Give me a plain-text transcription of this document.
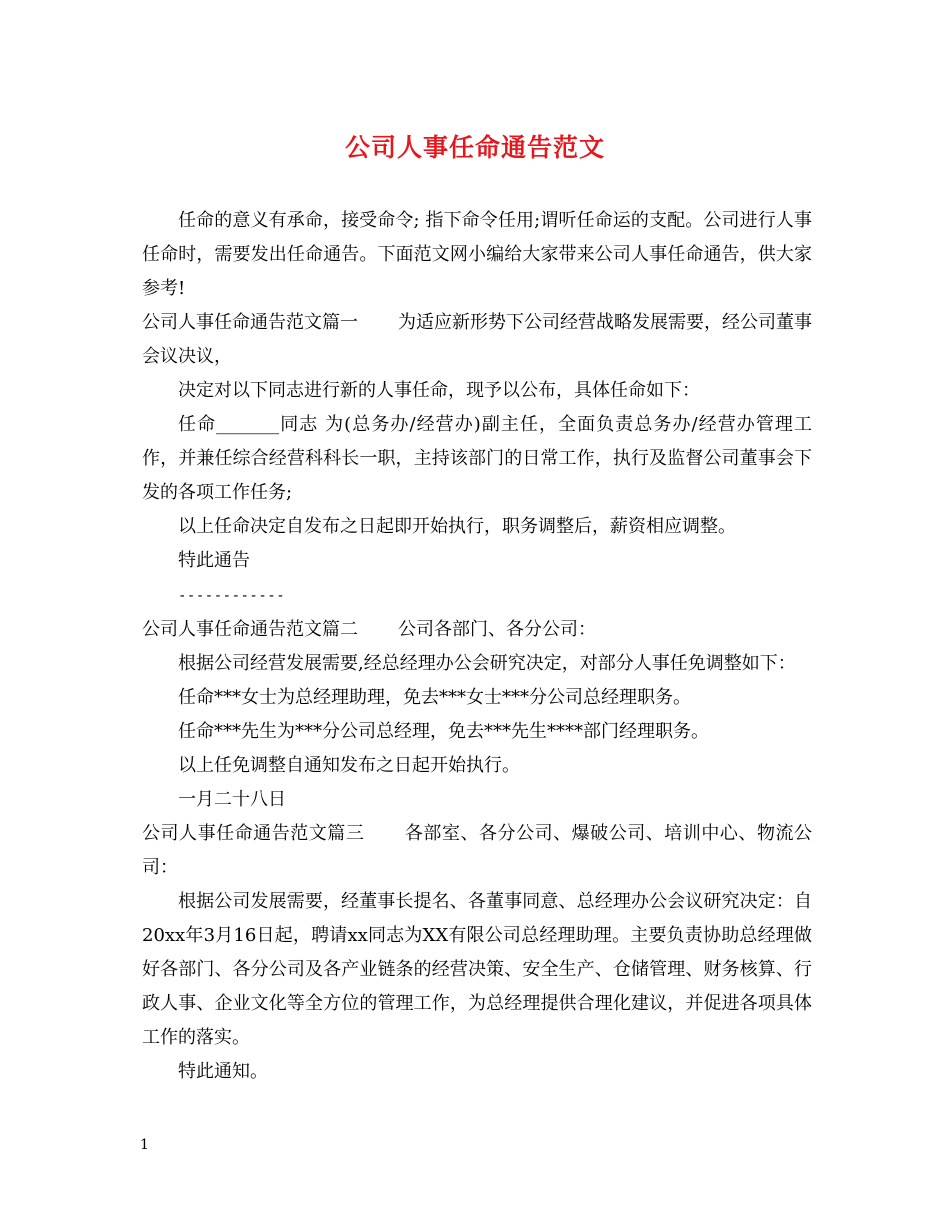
公司人事任命通告范文

任命的意义有承命，接受命令; 指下命令任用;谓听任命运的支配。公司进行人事任命时，需要发出任命通告。下面范文网小编给大家带来公司人事任命通告，供大家参考!

公司人事任命通告范文篇一 为适应新形势下公司经营战略发展需要，经公司董事会议决议，

决定对以下同志进行新的人事任命，现予以公布，具体任命如下：

任命_______同志 为(总务办/经营办)副主任，全面负责总务办/经营办管理工作，并兼任综合经营科科长一职，主持该部门的日常工作，执行及监督公司董事会下发的各项工作任务;

以上任命决定自发布之日起即开始执行，职务调整后，薪资相应调整。

特此通告

------------

公司人事任命通告范文篇二 公司各部门、各分公司：

根据公司经营发展需要,经总经理办公会研究决定，对部分人事任免调整如下：

任命***女士为总经理助理，免去***女士***分公司总经理职务。

任命***先生为***分公司总经理，免去***先生****部门经理职务。

以上任免调整自通知发布之日起开始执行。

一月二十八日

公司人事任命通告范文篇三 各部室、各分公司、爆破公司、培训中心、物流公司：

根据公司发展需要，经董事长提名、各董事同意、总经理办公会议研究决定：自20xx年3月16日起，聘请xx同志为XX有限公司总经理助理。主要负责协助总经理做好各部门、各分公司及各产业链条的经营决策、安全生产、仓储管理、财务核算、行政人事、企业文化等全方位的管理工作，为总经理提供合理化建议，并促进各项具体工作的落实。

特此通知。

1
